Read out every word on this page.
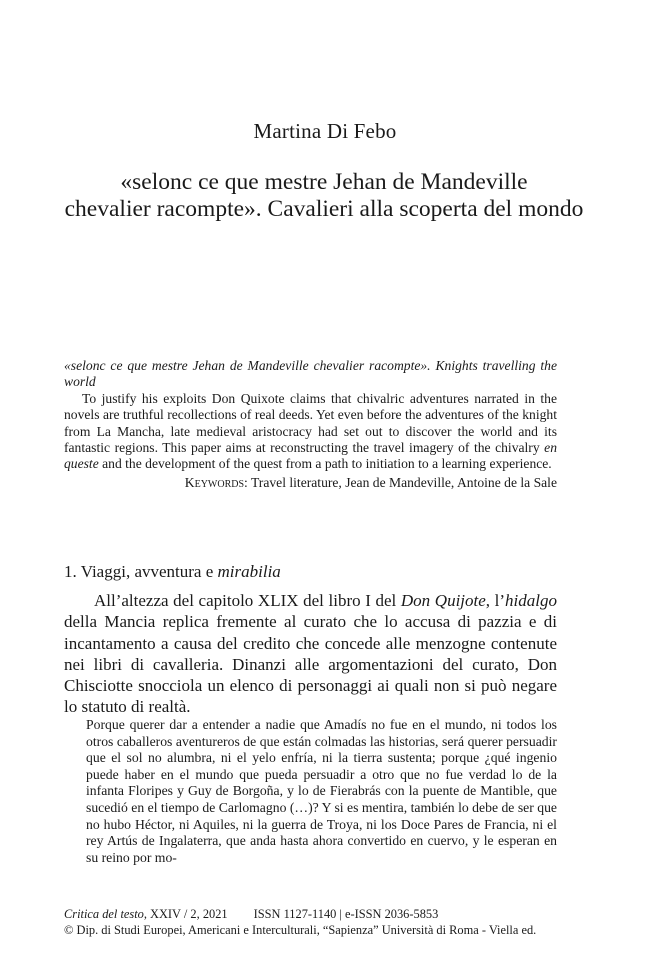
Martina Di Febo
«selonc ce que mestre Jehan de Mandeville
chevalier racompte». Cavalieri alla scoperta del mondo
«selonc ce que mestre Jehan de Mandeville chevalier racompte». Knights travelling the world

To justify his exploits Don Quixote claims that chivalric adventures narrated in the novels are truthful recollections of real deeds. Yet even before the adventures of the knight from La Mancha, late medieval aristocracy had set out to discover the world and its fantastic regions. This paper aims at reconstructing the travel imagery of the chivalry en queste and the development of the quest from a path to initiation to a learning experience.

Keywords: Travel literature, Jean de Mandeville, Antoine de la Sale
1. Viaggi, avventura e mirabilia

All’altezza del capitolo XLIX del libro I del Don Quijote, l’hidalgo della Mancia replica fremente al curato che lo accusa di pazzia e di incantamento a causa del credito che concede alle menzogne contenute nei libri di cavalleria. Dinanzi alle argomentazioni del curato, Don Chisciotte snocciola un elenco di personaggi ai quali non si può negare lo statuto di realtà.

Porque querer dar a entender a nadie que Amadís no fue en el mundo, ni todos los otros caballeros aventureros de que están colmadas las historias, será querer persuadir que el sol no alumbra, ni el yelo enfría, ni la tierra sustenta; porque ¿qué ingenio puede haber en el mundo que pueda persuadir a otro que no fue verdad lo de la infanta Floripes y Guy de Borgoña, y lo de Fierabrás con la puente de Mantible, que sucedió en el tiempo de Carlomagno (…)? Y si es mentira, también lo debe de ser que no hubo Héctor, ni Aquiles, ni la guerra de Troya, ni los Doce Pares de Francia, ni el rey Artús de Ingalaterra, que anda hasta ahora convertido en cuervo, y le esperan en su reino por mo-

Critica del testo, XXIV / 2, 2021 ISSN 1127-1140 | e-ISSN 2036-5853
© Dip. di Studi Europei, Americani e Interculturali, “Sapienza” Università di Roma - Viella ed.
